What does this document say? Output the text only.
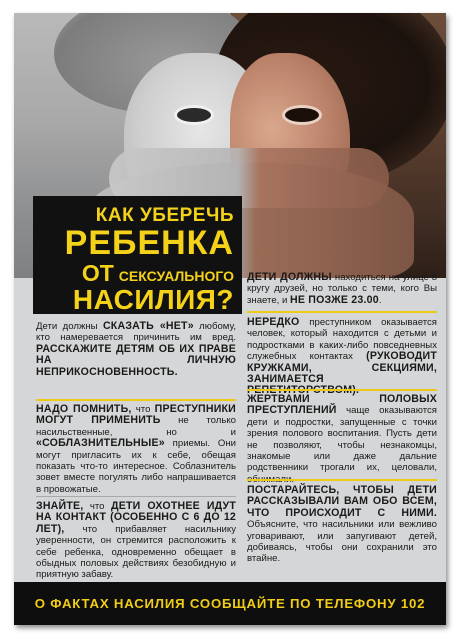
КАК УБЕРЕЧЬ
РЕБЕНКА
ОТ СЕКСУАЛЬНОГО
НАСИЛИЯ?

Дети должны СКАЗАТЬ «НЕТ» любому, кто намеревается причинить им вред. РАССКАЖИТЕ ДЕТЯМ ОБ ИХ ПРАВЕ НА ЛИЧНУЮ НЕПРИКОСНОВЕННОСТЬ.

НАДО ПОМНИТЬ, что ПРЕСТУПНИКИ МОГУТ ПРИМЕНИТЬ не только насильственные, но и «СОБЛАЗНИТЕЛЬНЫЕ» приемы. Они могут пригласить их к себе, обещая показать что-то интересное. Соблазнитель зовет вместе погулять либо напрашивается в провожатые.

ЗНАЙТЕ, что ДЕТИ ОХОТНЕЕ ИДУТ НА КОНТАКТ (ОСОБЕННО С 6 ДО 12 ЛЕТ), что прибавляет насильнику уверенности, он стремится расположить к себе ребенка, одновременно обещает в обыдных половых действиях безобидную и приятную забаву.

ДЕТИ ДОЛЖНЫ находиться на улице в кругу друзей, но только с теми, кого Вы знаете, и НЕ ПОЗЖЕ 23.00.

НЕРЕДКО преступником оказывается человек, который находится с детьми и подростками в каких-либо повседневных служебных контактах (РУКОВОДИТ КРУЖКАМИ, СЕКЦИЯМИ, ЗАНИМАЕТСЯ

ЖЕРТВАМИ ПОЛОВЫХ ПРЕСТУПЛЕНИЙ чаще оказываются дети и подростки, запущенные с точки зрения полового воспитания. Пусть дети не позволяют, чтобы незнакомцы, знакомые или даже дальние родственники трогали их, целовали,

ПОСТАРАЙТЕСЬ, ЧТОБЫ ДЕТИ РАССКАЗЫВАЛИ ВАМ ОБО ВСЕМ, ЧТО ПРОИСХОДИТ С НИМИ. Объясните, что насильники или вежливо уговаривают, или запугивают детей, добиваясь, чтобы они сохранили это втайне.

О ФАКТАХ НАСИЛИЯ СООБЩАЙТЕ ПО ТЕЛЕФОНУ 102
